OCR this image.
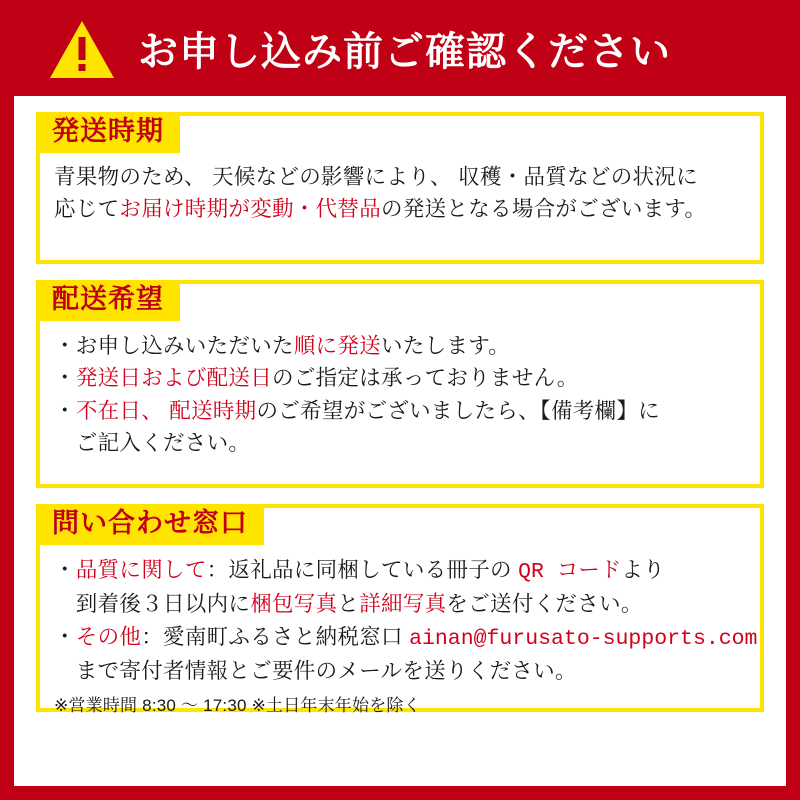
お申し込み前ご確認ください
発送時期
青果物のため、 天候などの影響により、 収穫・品質などの状況に
応じてお届け時期が変動・代替品の発送となる場合がございます。
配送希望
・お申し込みいただいた順に発送いたします。
・発送日および配送日のご指定は承っておりません。
・不在日、 配送時期のご希望がございましたら、【備考欄】に
　ご記入ください。
問い合わせ窓口
・品質に関して：返礼品に同梱している冊子の QR コードより
　到着後３日以内に梱包写真と詳細写真をご送付ください。
・その他：愛南町ふるさと納税窓口 ainan@furusato-supports.com
　まで寄付者情報とご要件のメールを送りください。
※営業時間 8:30 ～ 17:30 ※土日年末年始を除く
